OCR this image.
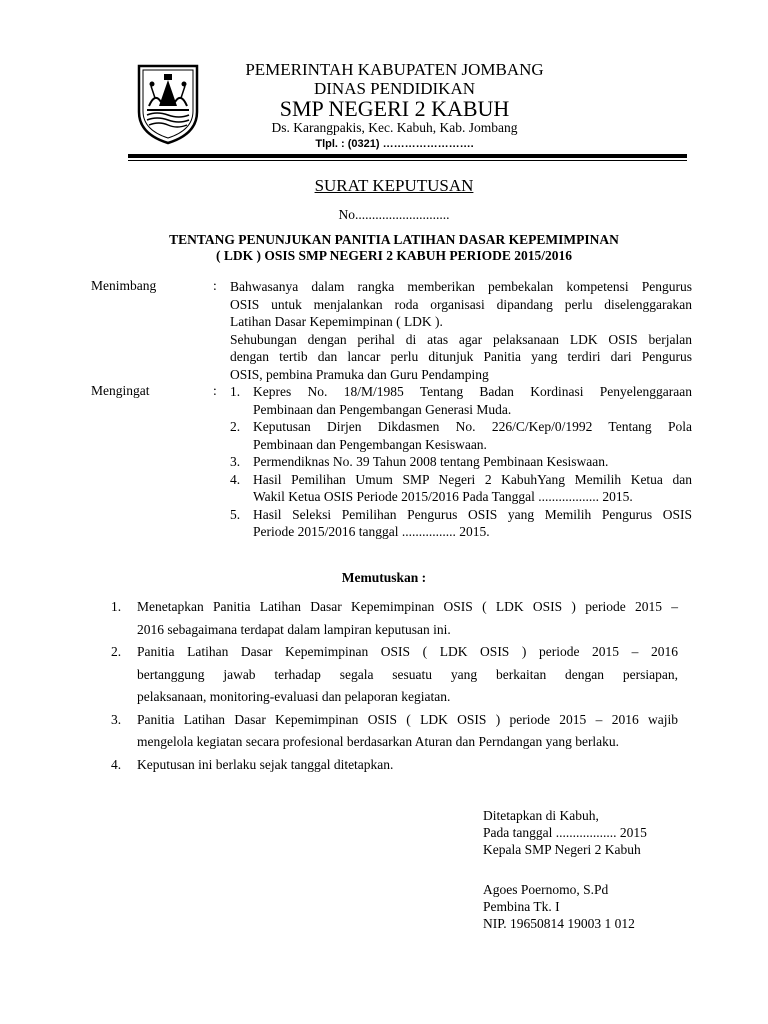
PEMERINTAH KABUPATEN JOMBANG
DINAS PENDIDIKAN
SMP NEGERI 2 KABUH
Ds. Karangpakis, Kec. Kabuh, Kab. Jombang
Tlpl. : (0321) …………………….
SURAT KEPUTUSAN
No............................
TENTANG PENUNJUKAN PANITIA LATIHAN DASAR KEPEMIMPINAN
( LDK ) OSIS SMP NEGERI 2 KABUH PERIODE 2015/2016
Menimbang	: Bahwasanya dalam rangka memberikan pembekalan kompetensi Pengurus
OSIS untuk menjalankan roda organisasi dipandang perlu diselenggarakan
Latihan Dasar Kepemimpinan ( LDK ).
Sehubungan dengan perihal di atas agar pelaksanaan LDK OSIS berjalan
dengan tertib dan lancar perlu ditunjuk Panitia yang terdiri dari Pengurus
OSIS, pembina Pramuka dan Guru Pendamping
Mengingat	: 1. Kepres No. 18/M/1985 Tentang Badan Kordinasi Penyelenggaraan
Pembinaan dan Pengembangan Generasi Muda.
2. Keputusan Dirjen Dikdasmen No. 226/C/Kep/0/1992 Tentang Pola
Pembinaan dan Pengembangan Kesiswaan.
3. Permendiknas No. 39 Tahun 2008 tentang Pembinaan Kesiswaan.
4. Hasil Pemilihan Umum SMP Negeri 2 KabuhYang Memilih Ketua dan
Wakil Ketua OSIS Periode 2015/2016 Pada Tanggal .................. 2015.
5. Hasil Seleksi Pemilihan Pengurus OSIS yang Memilih Pengurus OSIS
Periode 2015/2016 tanggal ................ 2015.
Memutuskan :
1. Menetapkan Panitia Latihan Dasar Kepemimpinan OSIS ( LDK OSIS ) periode 2015 –
2016 sebagaimana terdapat dalam lampiran keputusan ini.
2. Panitia Latihan Dasar Kepemimpinan OSIS ( LDK OSIS ) periode 2015 – 2016
bertanggung jawab terhadap segala sesuatu yang berkaitan dengan persiapan,
pelaksanaan, monitoring-evaluasi dan pelaporan kegiatan.
3. Panitia Latihan Dasar Kepemimpinan OSIS ( LDK OSIS ) periode 2015 – 2016 wajib
mengelola kegiatan secara profesional berdasarkan Aturan dan Perndangan yang berlaku.
4. Keputusan ini berlaku sejak tanggal ditetapkan.
Ditetapkan di Kabuh,
Pada tanggal .................. 2015
Kepala SMP Negeri 2 Kabuh
Agoes Poernomo, S.Pd
Pembina Tk. I
NIP. 19650814 19003 1 012
